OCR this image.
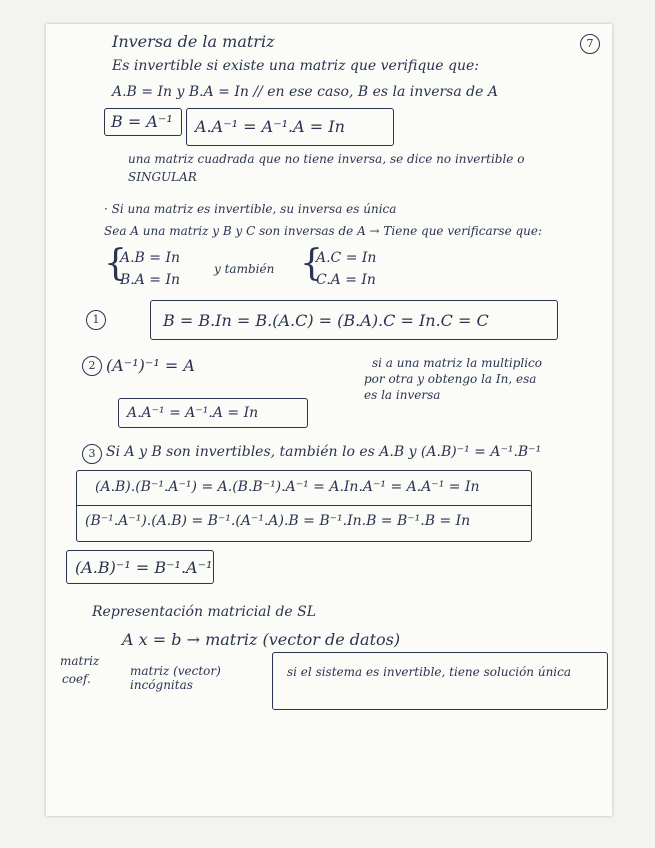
7
Inversa de la matriz
Es invertible si existe una matriz que verifique que:
A.B = In y B.A = In // en ese caso, B es la inversa de A
B = A⁻¹ A.A⁻¹ = A⁻¹.A = In
una matriz cuadrada que no tiene inversa, se dice no invertible o
SINGULAR
· Si una matriz es invertible, su inversa es única
Sea A una matriz y B y C son inversas de A → Tiene que verificarse que:
{
A.B = In
B.A = In
y también {
A.C = In
C.A = In
1	B = B.In = B.(A.C) = (B.A).C = In.C = C
2 (A⁻¹)⁻¹ = A	si a una matriz la multiplico
por otra y obtengo la In, esa
es la inversa
A.A⁻¹ = A⁻¹.A = In
3 Si A y B son invertibles, también lo es A.B y (A.B)⁻¹ = A⁻¹.B⁻¹
(A.B).(B⁻¹.A⁻¹) = A.(B.B⁻¹).A⁻¹ = A.In.A⁻¹ = A.A⁻¹ = In
(B⁻¹.A⁻¹).(A.B) = B⁻¹.(A⁻¹.A).B = B⁻¹.In.B = B⁻¹.B = In
(A.B)⁻¹ = B⁻¹.A⁻¹
Representación matricial de SL
A x = b → matriz (vector de datos)
matriz
coef.
matriz (vector)
incógnitas
si el sistema es invertible, tiene solución única
